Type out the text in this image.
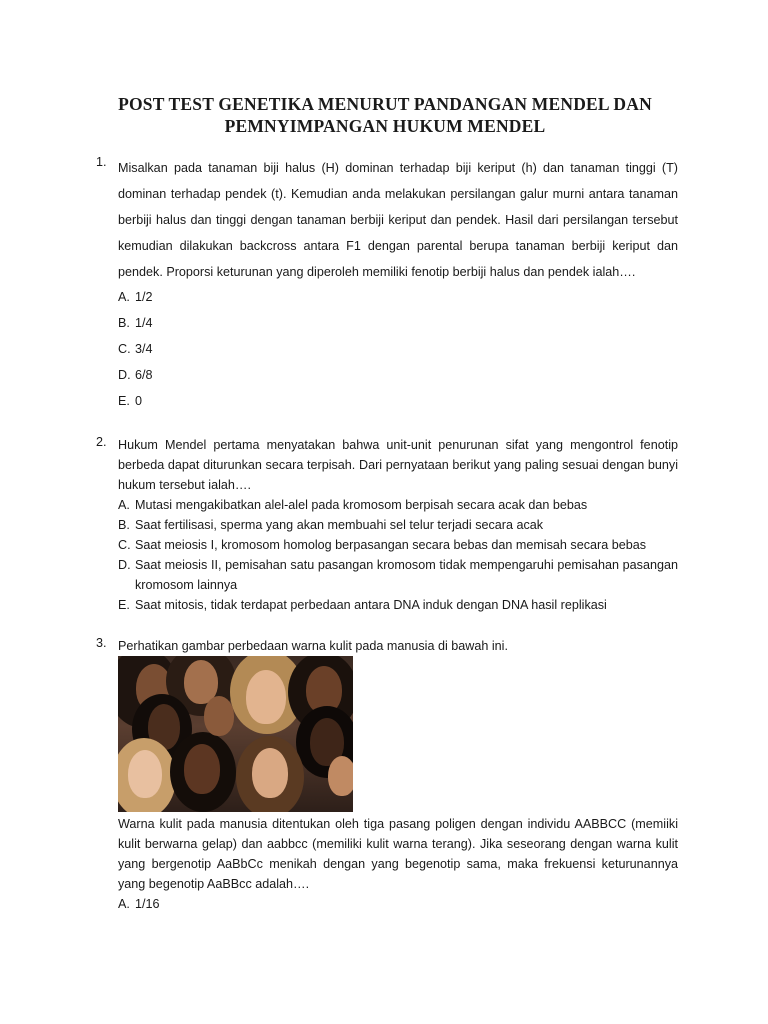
POST TEST GENETIKA MENURUT PANDANGAN MENDEL DAN
PEMNYIMPANGAN HUKUM MENDEL
1. Misalkan pada tanaman biji halus (H) dominan terhadap biji keriput (h) dan tanaman tinggi (T) dominan terhadap pendek (t). Kemudian anda melakukan persilangan galur murni antara tanaman berbiji halus dan tinggi dengan tanaman berbiji keriput dan pendek. Hasil dari persilangan tersebut kemudian dilakukan backcross antara F1 dengan parental berupa tanaman berbiji keriput dan pendek. Proporsi keturunan yang diperoleh memiliki fenotip berbiji halus dan pendek ialah….
A. 1/2
B. 1/4
C. 3/4
D. 6/8
E. 0
2. Hukum Mendel pertama menyatakan bahwa unit-unit penurunan sifat yang mengontrol fenotip berbeda dapat diturunkan secara terpisah. Dari pernyataan berikut yang paling sesuai dengan bunyi hukum tersebut ialah….
A. Mutasi mengakibatkan alel-alel pada kromosom berpisah secara acak dan bebas
B. Saat fertilisasi, sperma yang akan membuahi sel telur terjadi secara acak
C. Saat meiosis I, kromosom homolog berpasangan secara bebas dan memisah secara bebas
D. Saat meiosis II, pemisahan satu pasangan kromosom tidak mempengaruhi pemisahan pasangan kromosom lainnya
E. Saat mitosis, tidak terdapat perbedaan antara DNA induk dengan DNA hasil replikasi
3. Perhatikan gambar perbedaan warna kulit pada manusia di bawah ini.
Warna kulit pada manusia ditentukan oleh tiga pasang poligen dengan individu AABBCC (memiiki kulit berwarna gelap) dan aabbcc (memiliki kulit warna terang). Jika seseorang dengan warna kulit yang bergenotip AaBbCc menikah dengan yang begenotip sama, maka frekuensi keturunannya yang begenotip AaBBcc adalah….
A. 1/16
